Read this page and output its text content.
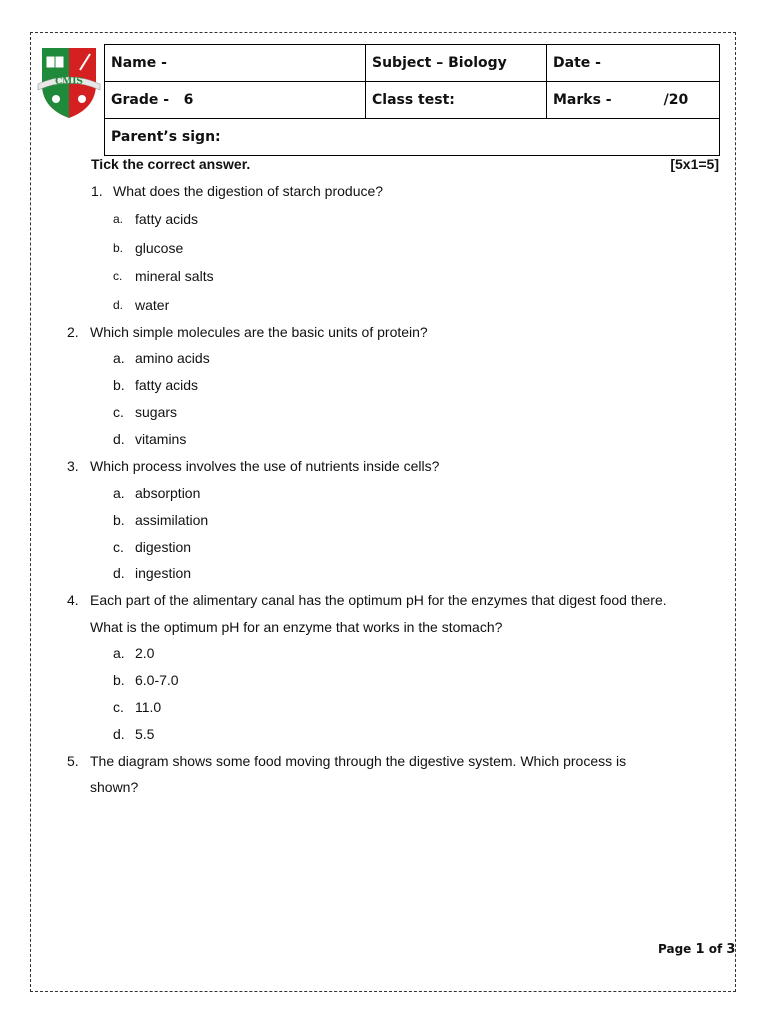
CMIS
Name -	Subject – Biology	Date -
Grade - 6	Class test:	Marks - /20
Parent’s sign:		
Tick the correct answer.	[5x1=5]
1. What does the digestion of starch produce?
a. fatty acids
b. glucose
c. mineral salts
d. water
2. Which simple molecules are the basic units of protein?
a. amino acids
b. fatty acids
c. sugars
d. vitamins
3. Which process involves the use of nutrients inside cells?
a. absorption
b. assimilation
c. digestion
d. ingestion
4. Each part of the alimentary canal has the optimum pH for the enzymes that digest food there.
What is the optimum pH for an enzyme that works in the stomach?
a. 2.0
b. 6.0-7.0
c. 11.0
d. 5.5
5. The diagram shows some food moving through the digestive system. Which process is
shown?
Page 1 of 3
